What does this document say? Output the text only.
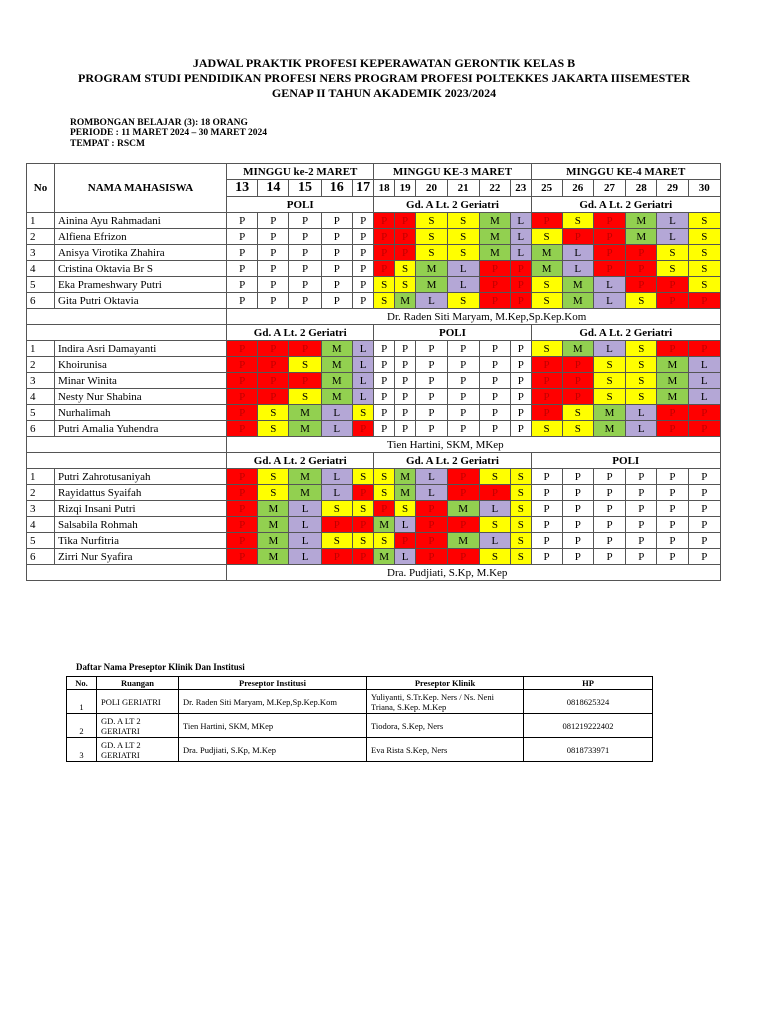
JADWAL PRAKTIK PROFESI KEPERAWATAN GERONTIK KELAS B
PROGRAM STUDI PENDIDIKAN PROFESI NERS PROGRAM PROFESI POLTEKKES JAKARTA IIISEMESTER
GENAP II TAHUN AKADEMIK 2023/2024
ROMBONGAN BELAJAR (3): 18 ORANG
PERIODE : 11 MARET 2024 – 30 MARET 2024
TEMPAT : RSCM
No	NAMA MAHASISWA	MINGGU ke-2 MARET					MINGGU KE-3 MARET						MINGGU KE-4 MARET					
		13	14	15	16	17	18	19	20	21	22	23	25	26	27	28	29	30
		POLI					Gd. A Lt. 2 Geriatri						Gd. A Lt. 2 Geriatri					
1	Ainina Ayu Rahmadani	P	P	P	P	P	P	P	S	S	M	L	P	S	P	M	L	S
2	Alfiena Efrizon	P	P	P	P	P	P	P	S	S	M	L	S	P	P	M	L	S
3	Anisya Virotika Zhahira	P	P	P	P	P	P	P	S	S	M	L	M	L	P	P	S	S
4	Cristina Oktavia Br S	P	P	P	P	P	P	S	M	L	P	P	M	L	P	P	S	S
5	Eka Prameshwary Putri	P	P	P	P	P	S	S	M	L	P	P	S	M	L	P	P	S
6	Gita Putri Oktavia	P	P	P	P	P	S	M	L	S	P	P	S	M	L	S	P	P
		Dr. Raden Siti Maryam, M.Kep,Sp.Kep.Kom																
		Gd. A Lt. 2 Geriatri					POLI						Gd. A Lt. 2 Geriatri					
1	Indira Asri Damayanti	P	P	P	M	L	P	P	P	P	P	P	S	M	L	S	P	P
2	Khoirunisa	P	P	S	M	L	P	P	P	P	P	P	P	P	S	S	M	L
3	Minar Winita	P	P	P	M	L	P	P	P	P	P	P	P	P	S	S	M	L
4	Nesty Nur Shabina	P	P	S	M	L	P	P	P	P	P	P	P	P	S	S	M	L
5	Nurhalimah	P	S	M	L	S	P	P	P	P	P	P	P	S	M	L	P	P
6	Putri Amalia Yuhendra	P	S	M	L	P	P	P	P	P	P	P	S	S	M	L	P	P
		Tien Hartini, SKM, MKep																
		Gd. A Lt. 2 Geriatri					Gd. A Lt. 2 Geriatri						POLI					
1	Putri Zahrotusaniyah	P	S	M	L	S	S	M	L	P	S	S	P	P	P	P	P	P
2	Rayidattus Syaifah	P	S	M	L	P	S	M	L	P	P	S	P	P	P	P	P	P
3	Rizqi Insani Putri	P	M	L	S	S	P	S	P	M	L	S	P	P	P	P	P	P
4	Salsabila Rohmah	P	M	L	P	P	M	L	P	P	S	S	P	P	P	P	P	P
5	Tika Nurfitria	P	M	L	S	S	S	P	P	M	L	S	P	P	P	P	P	P
6	Zirri Nur Syafira	P	M	L	P	P	M	L	P	P	S	S	P	P	P	P	P	P
		Dra. Pudjiati, S.Kp, M.Kep																
Daftar Nama Preseptor Klinik Dan Institusi
No.	Ruangan	Preseptor Institusi	Preseptor Klinik	HP
1	POLI GERIATRI	Dr. Raden Siti Maryam, M.Kep,Sp.Kep.Kom	Yuliyanti, S.Tr.Kep. Ners / Ns. Neni Triana, S.Kep. M.Kep	0818625324
2	GD. A LT 2 GERIATRI	Tien Hartini, SKM, MKep	Tiodora, S.Kep, Ners	081219222402
3	GD. A LT 2 GERIATRI	Dra. Pudjiati, S.Kp, M.Kep	Eva Rista S.Kep, Ners	0818733971
